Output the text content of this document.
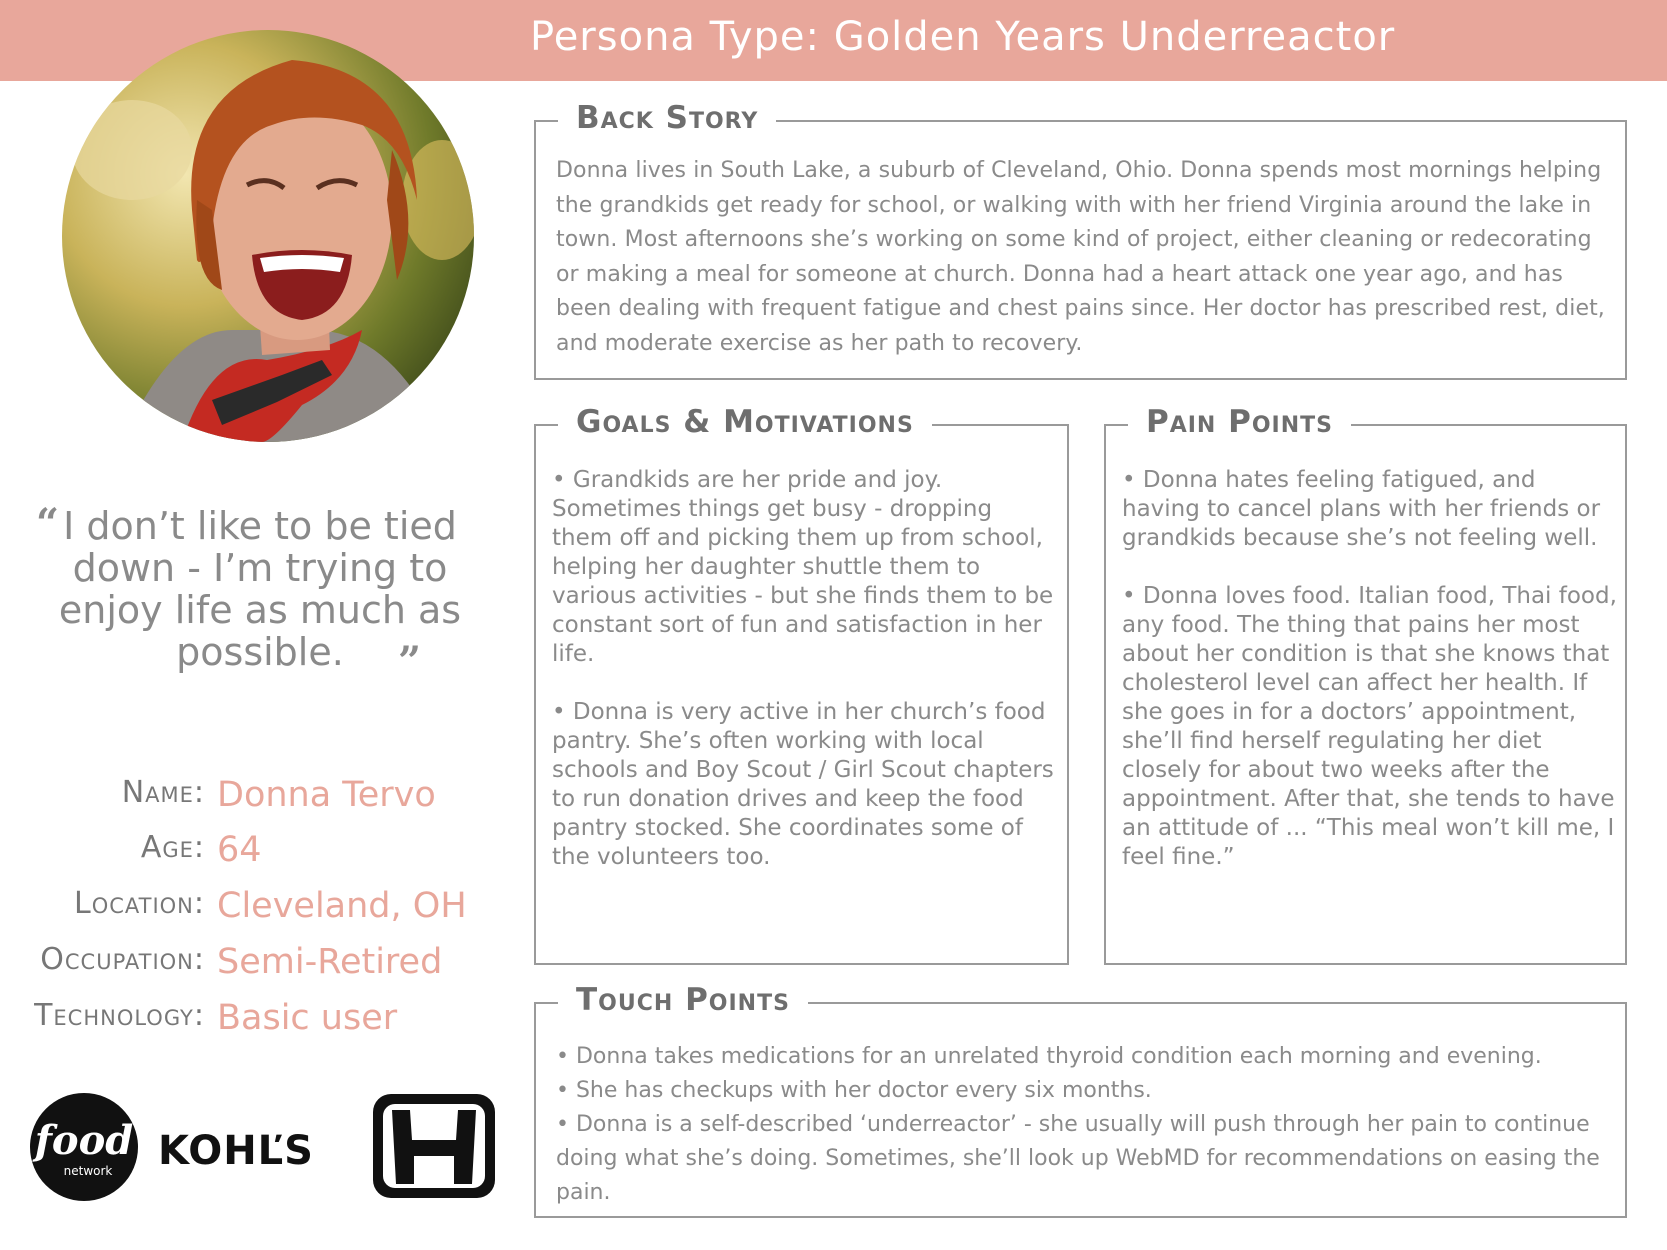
Persona Type: Golden Years Underreactor
“ I don’t like to be tied down - I’m trying to enjoy life as much as possible.	”
Name: Donna Tervo
Age: 64
Location: Cleveland, OH
Occupation: Semi-Retired
Technology: Basic user
Back Story
Donna lives in South Lake, a suburb of Cleveland, Ohio. Donna spends most mornings helping the grandkids get ready for school, or walking with with her friend Virginia around the lake in town. Most afternoons she’s working on some kind of project, either cleaning or redecorating or making a meal for someone at church. Donna had a heart attack one year ago, and has been dealing with frequent fatigue and chest pains since. Her doctor has prescribed rest, diet, and moderate exercise as her path to recovery.
Goals & Motivations

• Grandkids are her pride and joy. Sometimes things get busy - dropping them off and picking them up from school, helping her daughter shuttle them to various activities - but she finds them to be constant sort of fun and satisfaction in her life.

• Donna is very active in her church’s food pantry. She’s often working with local schools and Boy Scout / Girl Scout chapters to run donation drives and keep the food pantry stocked. She coordinates some of the volunteers too.

Pain Points

• Donna hates feeling fatigued, and having to cancel plans with her friends or grandkids because she’s not feeling well.

• Donna loves food. Italian food, Thai food, any food. The thing that pains her most about her condition is that she knows that cholesterol level can affect her health. If she goes in for a doctors’ appointment, she’ll find herself regulating her diet closely for about two weeks after the appointment. After that, she tends to have an attitude of ... “This meal won’t kill me, I feel fine.”

Touch Points
• Donna takes medications for an unrelated thyroid condition each morning and evening.
• She has checkups with her doctor every six months.
• Donna is a self-described ‘underreactor’ - she usually will push through her pain to continue doing what she’s doing. Sometimes, she’ll look up WebMD for recommendations on easing the pain.
food
network KOHĽS
